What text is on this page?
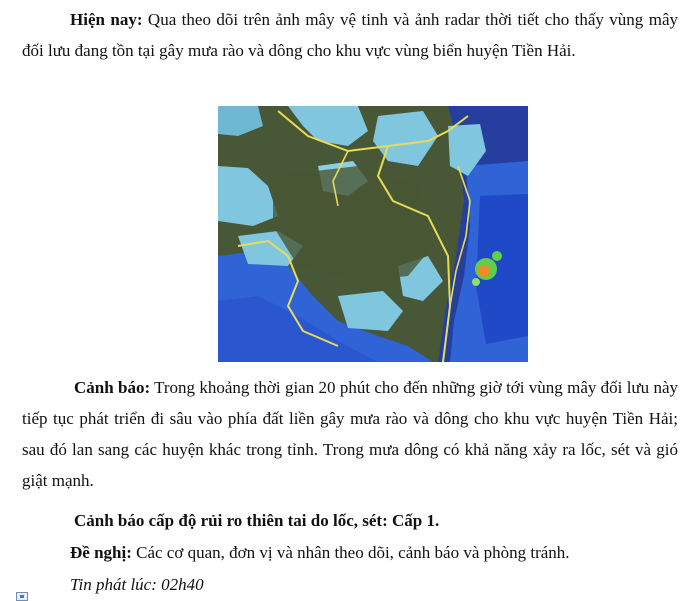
Hiện nay: Qua theo dõi trên ảnh mây vệ tinh và ảnh radar thời tiết cho thấy vùng mây đối lưu đang tồn tại gây mưa rào và dông cho khu vực vùng biển huyện Tiền Hải.

Cảnh báo: Trong khoảng thời gian 20 phút cho đến những giờ tới vùng mây đối lưu này tiếp tục phát triển đi sâu vào phía đất liền gây mưa rào và dông cho khu vực huyện Tiền Hải; sau đó lan sang các huyện khác trong tỉnh. Trong mưa dông có khả năng xảy ra lốc, sét và gió giật mạnh.

Cảnh báo cấp độ rủi ro thiên tai do lốc, sét: Cấp 1.

Đề nghị: Các cơ quan, đơn vị và nhân theo dõi, cảnh báo và phòng tránh.

Tin phát lúc: 02h40
